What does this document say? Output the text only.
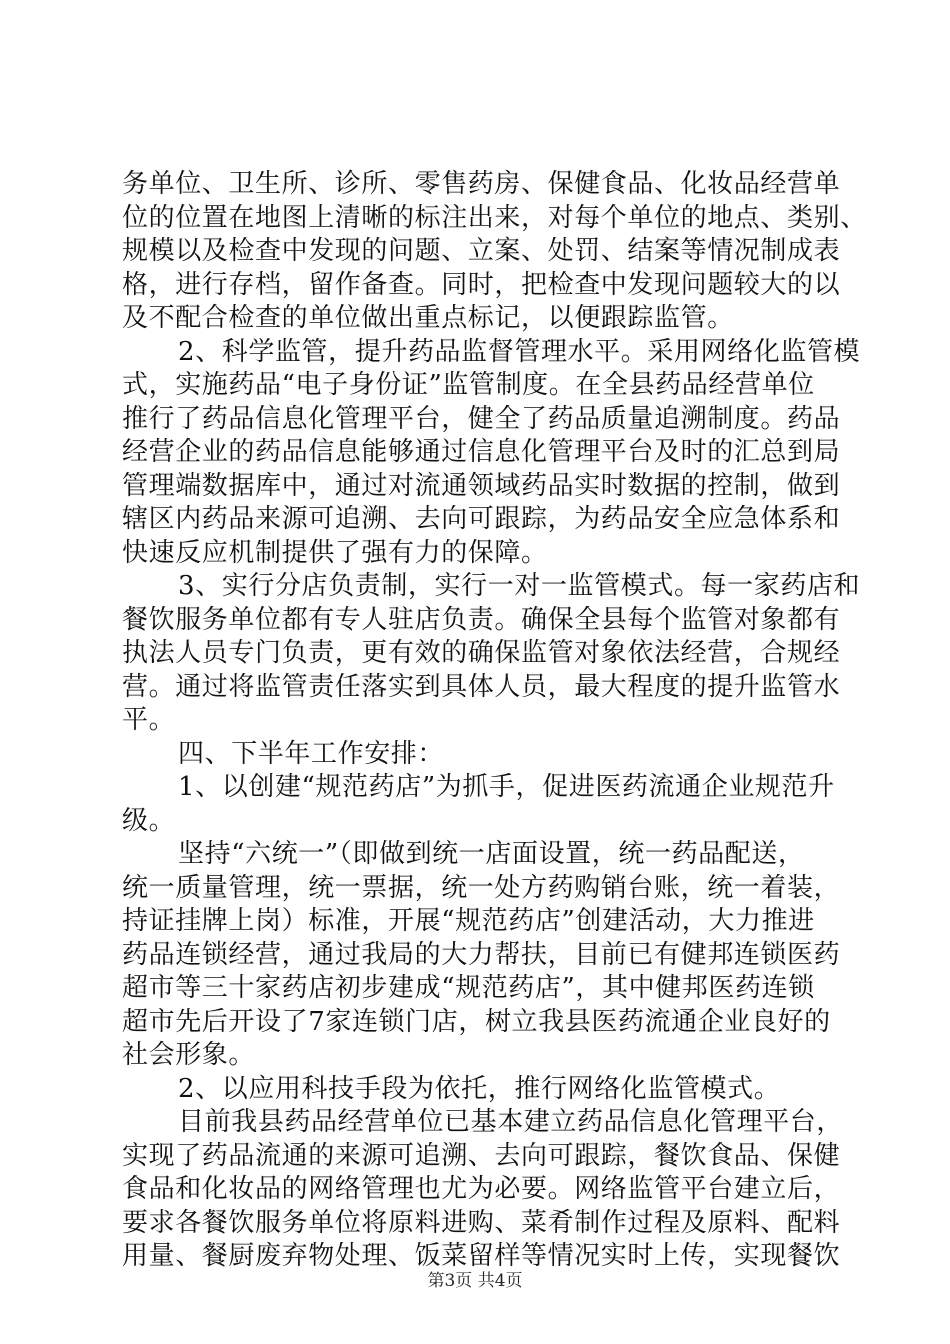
务单位、卫生所、诊所、零售药房、保健食品、化妆品经营单
位的位置在地图上清晰的标注出来，对每个单位的地点、类别、
规模以及检查中发现的问题、立案、处罚、结案等情况制成表
格，进行存档，留作备查。同时，把检查中发现问题较大的以
及不配合检查的单位做出重点标记，以便跟踪监管。
2、科学监管，提升药品监督管理水平。采用网络化监管模
式，实施药品“电子身份证”监管制度。在全县药品经营单位
推行了药品信息化管理平台，健全了药品质量追溯制度。药品
经营企业的药品信息能够通过信息化管理平台及时的汇总到局
管理端数据库中，通过对流通领域药品实时数据的控制，做到
辖区内药品来源可追溯、去向可跟踪，为药品安全应急体系和
快速反应机制提供了强有力的保障。
3、实行分店负责制，实行一对一监管模式。每一家药店和
餐饮服务单位都有专人驻店负责。确保全县每个监管对象都有
执法人员专门负责，更有效的确保监管对象依法经营，合规经
营。通过将监管责任落实到具体人员，最大程度的提升监管水
平。
四、下半年工作安排：
1、以创建“规范药店”为抓手，促进医药流通企业规范升
级。
坚持“六统一”（即做到统一店面设置，统一药品配送，
统一质量管理，统一票据，统一处方药购销台账，统一着装，
持证挂牌上岗）标准，开展“规范药店”创建活动，大力推进
药品连锁经营，通过我局的大力帮扶，目前已有健邦连锁医药
超市等三十家药店初步建成“规范药店”，其中健邦医药连锁
超市先后开设了7家连锁门店，树立我县医药流通企业良好的
社会形象。
2、以应用科技手段为依托，推行网络化监管模式。
目前我县药品经营单位已基本建立药品信息化管理平台，
实现了药品流通的来源可追溯、去向可跟踪，餐饮食品、保健
食品和化妆品的网络管理也尤为必要。网络监管平台建立后，
要求各餐饮服务单位将原料进购、菜肴制作过程及原料、配料
用量、餐厨废弃物处理、饭菜留样等情况实时上传，实现餐饮
第3页 共4页
